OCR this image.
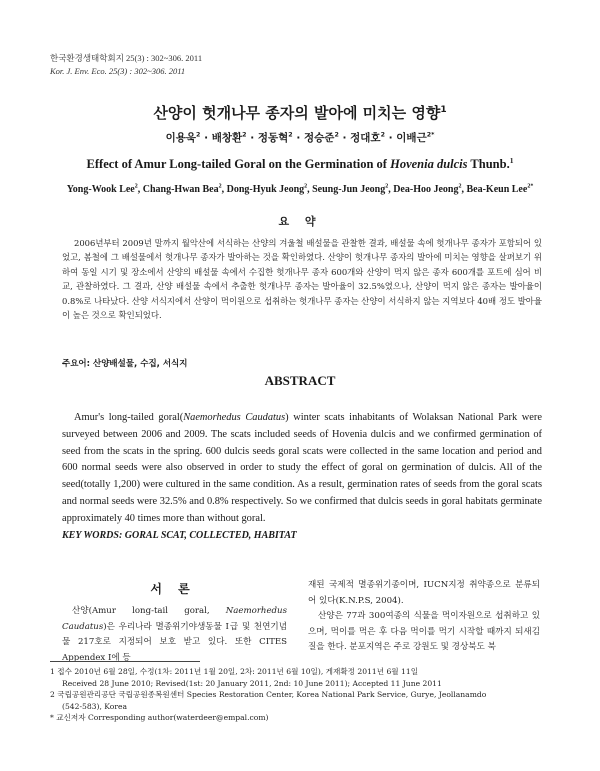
한국환경생태학회지 25(3) : 302~306. 2011
Kor. J. Env. Eco. 25(3) : 302~306. 2011
산양이 헛개나무 종자의 발아에 미치는 영향$^1$
이용욱$^2$ · 배창환$^2$ · 정동혁$^2$ · 정승준$^2$ · 정대호$^2$ · 이배근$^{2*}$
Effect of Amur Long-tailed Goral on the Germination of Hovenia dulcis Thunb.$^1$
Yong-Wook Lee$^2$, Chang-Hwan Bea$^2$, Dong-Hyuk Jeong$^2$, Seung-Jun Jeong$^2$, Dea-Hoo Jeong$^2$, Bea-Keun Lee$^{2*}$
요 약
2006년부터 2009년 말까지 월악산에 서식하는 산양의 겨울철 배설물을 관찰한 결과, 배설물 속에 헛개나무 종자가 포함되어 있었고, 봄철에 그 배설물에서 헛개나무 종자가 발아하는 것을 확인하였다. 산양이 헛개나무 종자의 발아에 미치는 영향을 살펴보기 위하여 동일 시기 및 장소에서 산양의 배설물 속에서 수집한 헛개나무 종자 600개와 산양이 먹지 않은 종자 600개를 포트에 심어 비교, 관찰하였다. 그 결과, 산양 배설물 속에서 추출한 헛개나무 종자는 발아율이 32.5%였으나, 산양이 먹지 않은 종자는 발아율이 0.8%로 나타났다. 산양 서식지에서 산양이 먹이원으로 섭취하는 헛개나무 종자는 산양이 서식하지 않는 지역보다 40배 정도 발아율이 높은 것으로 확인되었다.
주요어: 산양배설물, 수집, 서식지
ABSTRACT
Amur's long-tailed goral(Naemorhedus Caudatus) winter scats inhabitants of Wolaksan National Park were surveyed between 2006 and 2009. The scats included seeds of Hovenia dulcis and we confirmed germination of seed from the scats in the spring. 600 dulcis seeds goral scats were collected in the same location and period and 600 normal seeds were also observed in order to study the effect of goral on germination of dulcis. All of the seed(totally 1,200) were cultured in the same condition. As a result, germination rates of seeds from the goral scats and normal seeds were 32.5% and 0.8% respectively. So we confirmed that dulcis seeds in goral habitats germinate approximately 40 times more than without goral.
KEY WORDS: GORAL SCAT, COLLECTED, HABITAT
서 론
산양(Amur long-tail goral, Naemorhedus Caudatus)은 우리나라 멸종위기야생동물 Ⅰ급 및 천연기념물 217호로 지정되어 보호 받고 있다. 또한 CITES Appendex Ⅰ에 등

재된 국제적 멸종위기종이며, IUCN지정 취약종으로 분류되어 있다(K.N.P.S, 2004).

산양은 77과 300여종의 식물을 먹이자원으로 섭취하고 있으며, 먹이를 먹은 후 다음 먹이를 먹기 시작할 때까지 되새김질을 한다. 분포지역은 주로 강원도 및 경상북도 북

1 접수 2010년 6월 28일, 수정(1차: 2011년 1월 20일, 2차: 2011년 6월 10일), 게재확정 2011년 6월 11일
Received 28 June 2010; Revised(1st: 20 January 2011, 2nd: 10 June 2011); Accepted 11 June 2011
2 국립공원관리공단 국립공원종복원센터 Species Restoration Center, Korea National Park Service, Gurye, Jeollanamdo
(542-583), Korea
* 교신저자 Corresponding author(waterdeer@empal.com)
